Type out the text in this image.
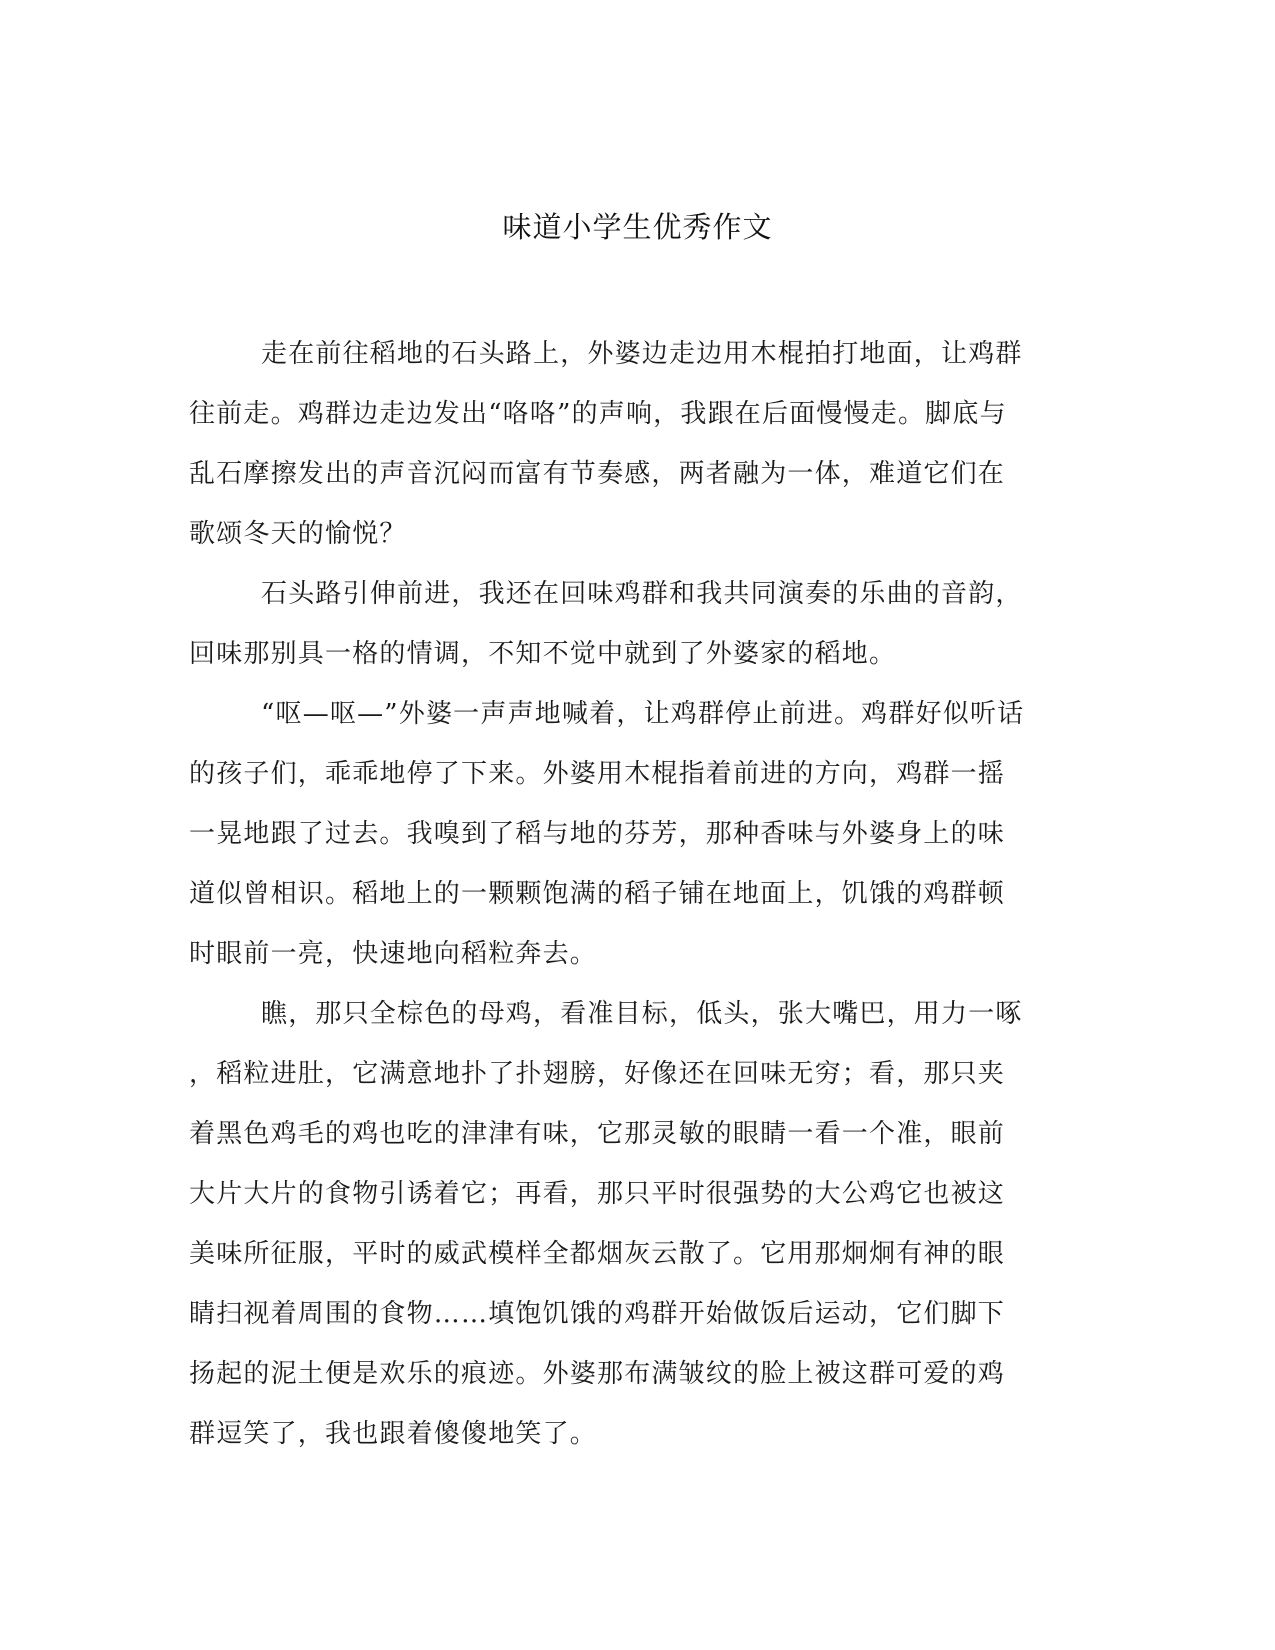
味道小学生优秀作文
走在前往稻地的石头路上，外婆边走边用木棍拍打地面，让鸡群
往前走。鸡群边走边发出“咯咯”的声响，我跟在后面慢慢走。脚底与
乱石摩擦发出的声音沉闷而富有节奏感，两者融为一体，难道它们在
歌颂冬天的愉悦？
石头路引伸前进，我还在回味鸡群和我共同演奏的乐曲的音韵，
回味那别具一格的情调，不知不觉中就到了外婆家的稻地。
“呕—呕—”外婆一声声地喊着，让鸡群停止前进。鸡群好似听话
的孩子们，乖乖地停了下来。外婆用木棍指着前进的方向，鸡群一摇
一晃地跟了过去。我嗅到了稻与地的芬芳，那种香味与外婆身上的味
道似曾相识。稻地上的一颗颗饱满的稻子铺在地面上，饥饿的鸡群顿
时眼前一亮，快速地向稻粒奔去。
瞧，那只全棕色的母鸡，看准目标，低头，张大嘴巴，用力一啄
，稻粒进肚，它满意地扑了扑翅膀，好像还在回味无穷；看，那只夹
着黑色鸡毛的鸡也吃的津津有味，它那灵敏的眼睛一看一个准，眼前
大片大片的食物引诱着它；再看，那只平时很强势的大公鸡它也被这
美味所征服，平时的威武模样全都烟灰云散了。它用那炯炯有神的眼
睛扫视着周围的食物……填饱饥饿的鸡群开始做饭后运动，它们脚下
扬起的泥土便是欢乐的痕迹。外婆那布满皱纹的脸上被这群可爱的鸡
群逗笑了，我也跟着傻傻地笑了。
